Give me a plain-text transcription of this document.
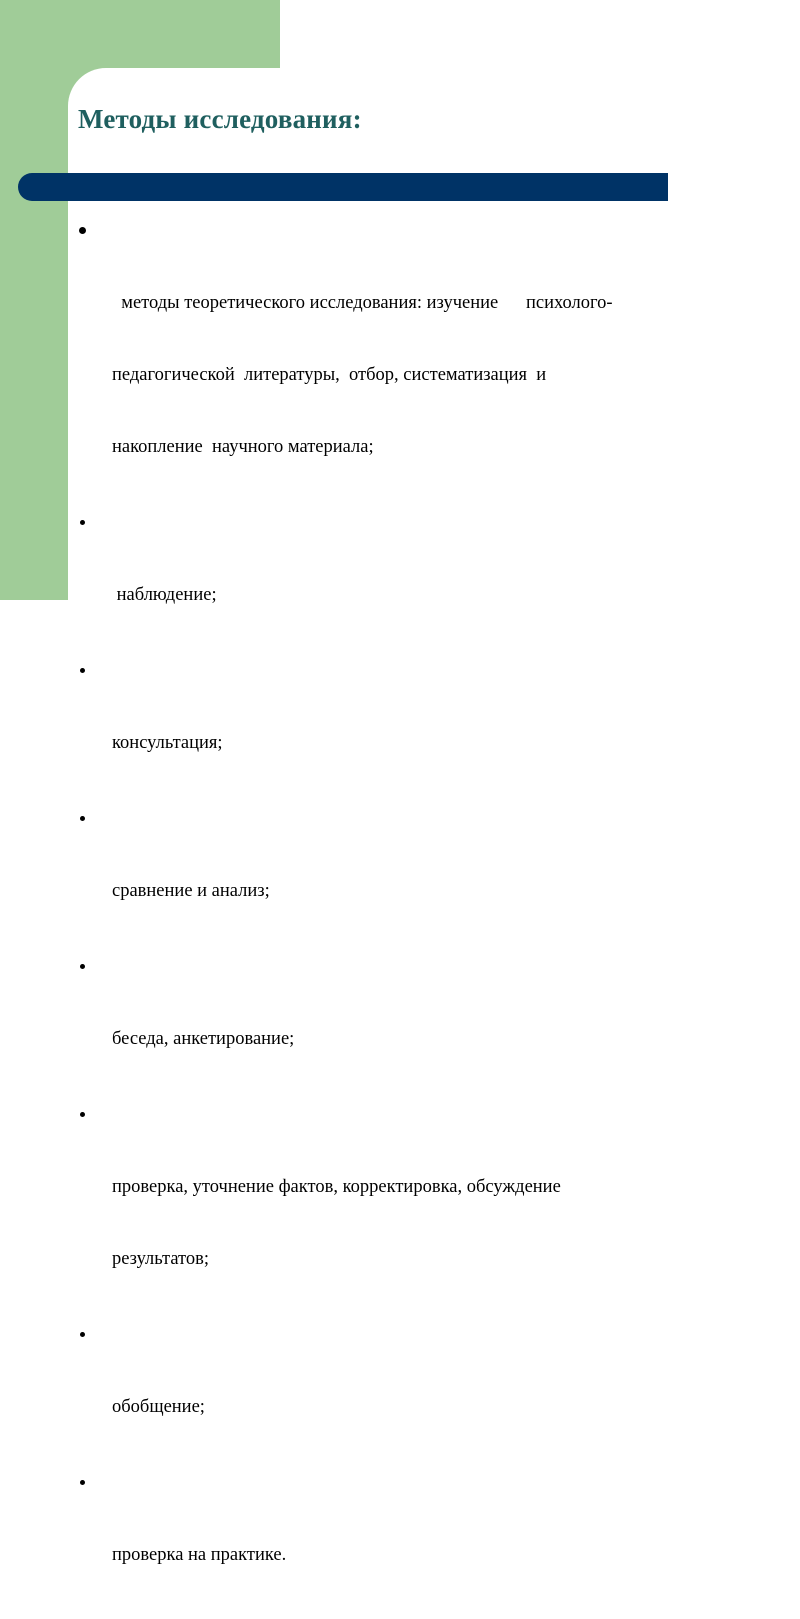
Методы исследования:

методы теоретического исследования: изучение      психолого-

педагогической  литературы,  отбор, систематизация  и

накопление  научного материала;

наблюдение;

консультация;

сравнение и анализ;

беседа, анкетирование;

проверка, уточнение фактов, корректировка, обсуждение

результатов;

обобщение;

проверка на практике.
